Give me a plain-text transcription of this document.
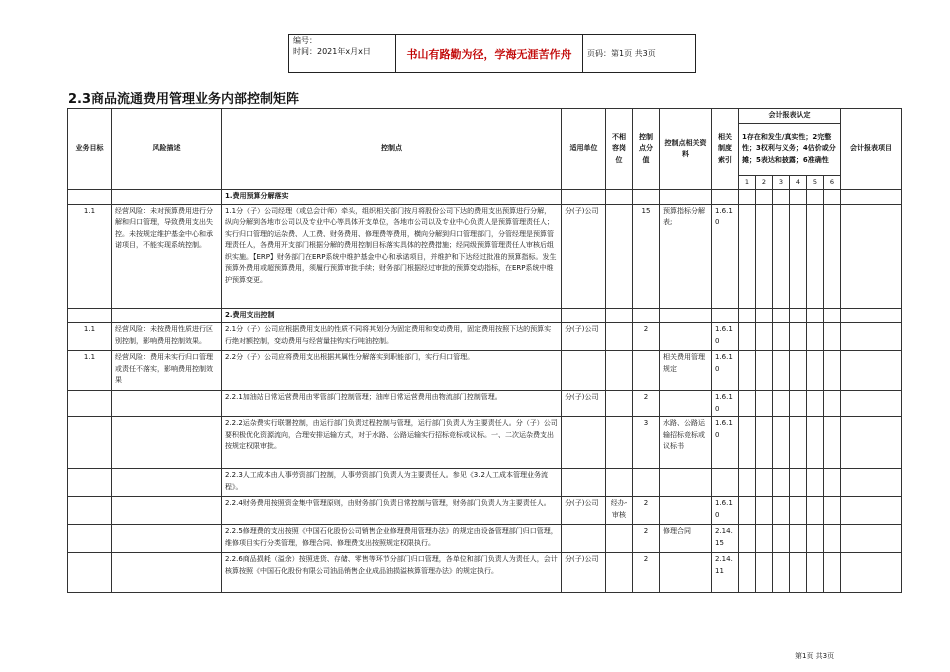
编号：
时间：2021年x月x日	书山有路勤为径，学海无涯苦作舟	页码：第1页 共3页
2.3商品流通费用管理业务内部控制矩阵
业务目标	风险描述	控制点	适用单位	不相容岗位	控制点分值	控制点相关资料	相关制度索引	会计报表认定						会计报表项目
								1存在和发生/真实性；2完整性；3权利与义务；4估价或分摊；5表达和披露；6准确性						
								1	2	3	4	5	6	
		1.费用预算分解落实												
1.1	经营风险：未对预算费用进行分解和归口管理，导致费用支出失控。未按规定维护基金中心和承诺项目，不能实现系统控制。	1.1分（子）公司经理（或总会计师）牵头，组织相关部门按月将股份公司下达的费用支出预算进行分解，纵向分解到各地市公司以及专业中心等具体开支单位，各地市公司以及专业中心负责人是预算管理责任人；实行归口管理的运杂费、人工费、财务费用、修理费等费用，横向分解到归口管理部门，分管经理是预算管理责任人，各费用开支部门根据分解的费用控制目标落实具体的控费措施；经同级预算管理责任人审核后组织实施。【ERP】财务部门在ERP系统中维护基金中心和承诺项目，并维护和下达经过批准的预算指标。发生预算外费用或超预算费用，须履行预算审批手续；财务部门根据经过审批的预算变动指标，在ERP系统中维护预算变更。	分(子)公司		15	预算指标分解表;	1.6.10							
		2.费用支出控制												
1.1	经营风险：未按费用性质进行区别控制，影响费用控制效果。	2.1分（子）公司应根据费用支出的性质不同将其划分为固定费用和变动费用，固定费用按照下达的预算实行绝对额控制，变动费用与经营量挂钩实行吨油控制。	分(子)公司		2		1.6.10							
1.1	经营风险：费用未实行归口管理或责任不落实，影响费用控制效果	2.2分（子）公司应将费用支出根据其属性分解落实到职能部门，实行归口管理。				相关费用管理规定	1.6.10							
		2.2.1加油站日常运营费用由零管部门控制管理；油库日常运营费用由物流部门控制管理。	分(子)公司		2		1.6.10							
		2.2.2运杂费实行联署控制，由运行部门负责过程控制与管理，运行部门负责人为主要责任人。分（子）公司要积极优化资源流向，合理安排运输方式，对于水路、公路运输实行招标竞标或议标。一、二次运杂费支出按规定权限审批。			3	水路、公路运输招标竞标或议标书	1.6.10							
		2.2.3人工成本由人事劳资部门控制，人事劳资部门负责人为主要责任人。参见《3.2人工成本管理业务流程》。												
		2.2.4财务费用按照资金集中管理原则，由财务部门负责日常控制与管理，财务部门负责人为主要责任人。	分(子)公司	经办-审核	2		1.6.10							
		2.2.5修理费的支出按照《中国石化股份公司销售企业修理费用管理办法》的规定由设备管理部门归口管理，维修项目实行分类管理，修理合同、修理费支出按照规定权限执行。			2	修理合同	2.14.15							
		2.2.6商品损耗（溢余）按照进货、存储、零售等环节分部门归口管理，各单位和部门负责人为责任人，会计核算按照《中国石化股份有限公司油品销售企业成品油损溢核算管理办法》的规定执行。	分(子)公司		2		2.14.11							
第1页 共3页
